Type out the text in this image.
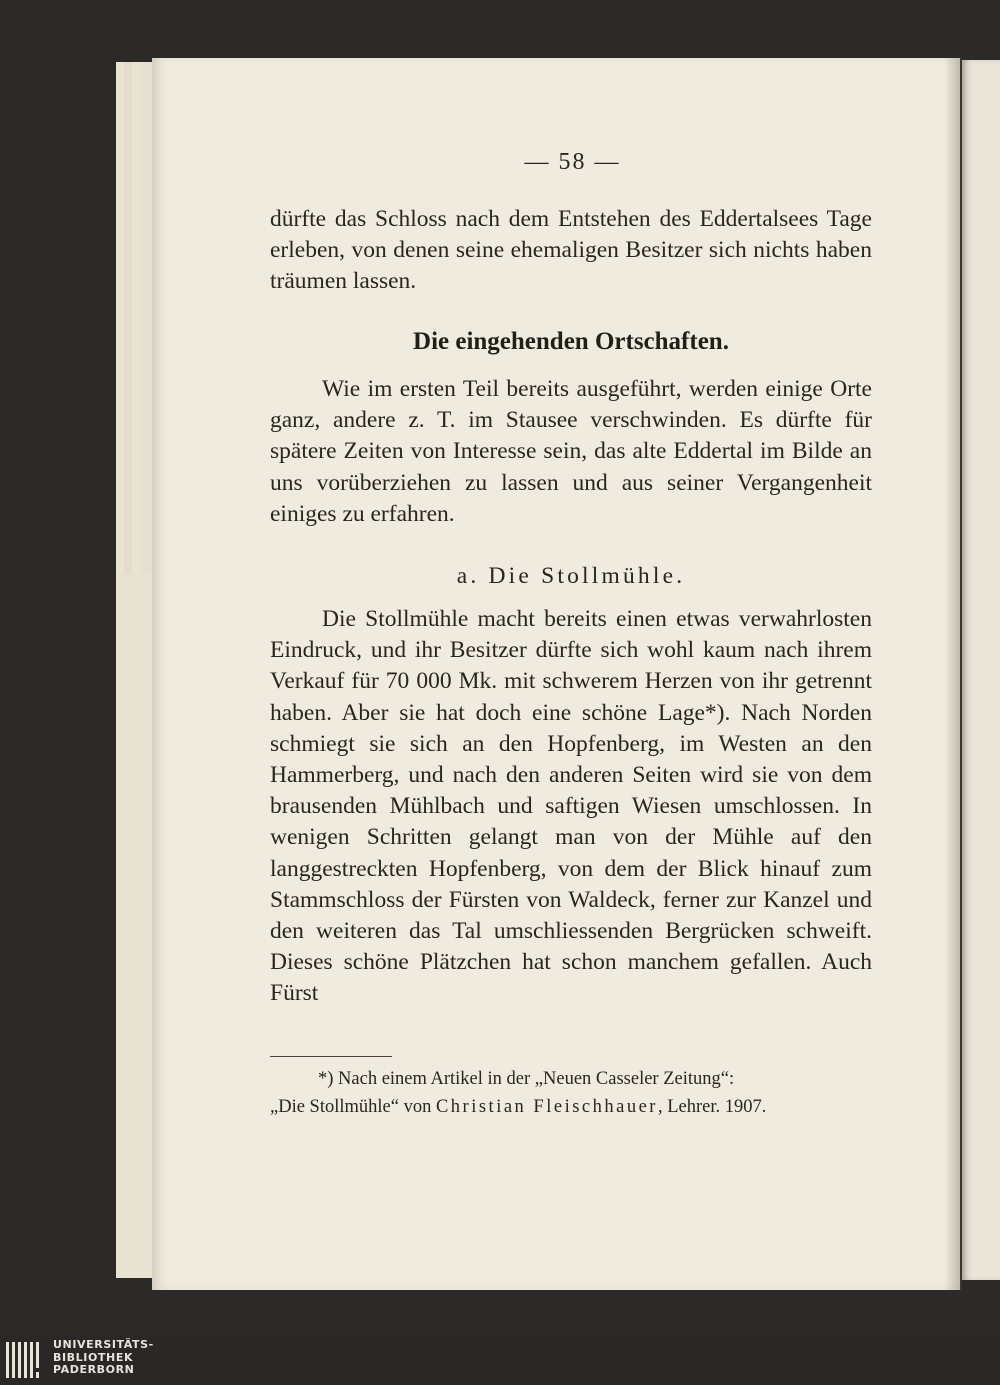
— 58 —

dürfte das Schloss nach dem Entstehen des Eddertalsees Tage erleben, von denen seine ehemaligen Besitzer sich nichts haben träumen lassen.

Die eingehenden Ortschaften.

Wie im ersten Teil bereits ausgeführt, werden einige Orte ganz, andere z. T. im Stausee verschwinden. Es dürfte für spätere Zeiten von Interesse sein, das alte Eddertal im Bilde an uns vorüberziehen zu lassen und aus seiner Vergangenheit einiges zu erfahren.

a. Die Stollmühle.

Die Stollmühle macht bereits einen etwas verwahrlosten Eindruck, und ihr Besitzer dürfte sich wohl kaum nach ihrem Verkauf für 70 000 Mk. mit schwerem Herzen von ihr getrennt haben. Aber sie hat doch eine schöne Lage*). Nach Norden schmiegt sie sich an den Hopfenberg, im Westen an den Hammerberg, und nach den anderen Seiten wird sie von dem brausenden Mühlbach und saftigen Wiesen umschlossen. In wenigen Schritten gelangt man von der Mühle auf den langgestreckten Hopfenberg, von dem der Blick hinauf zum Stammschloss der Fürsten von Waldeck, ferner zur Kanzel und den weiteren das Tal umschliessenden Bergrücken schweift. Dieses schöne Plätzchen hat schon manchem gefallen. Auch Fürst

*) Nach einem Artikel in der „Neuen Casseler Zeitung“:

„Die Stollmühle“ von Christian Fleischhauer, Lehrer. 1907.

UNIVERSITÄTS-
BIBLIOTHEK
PADERBORN
